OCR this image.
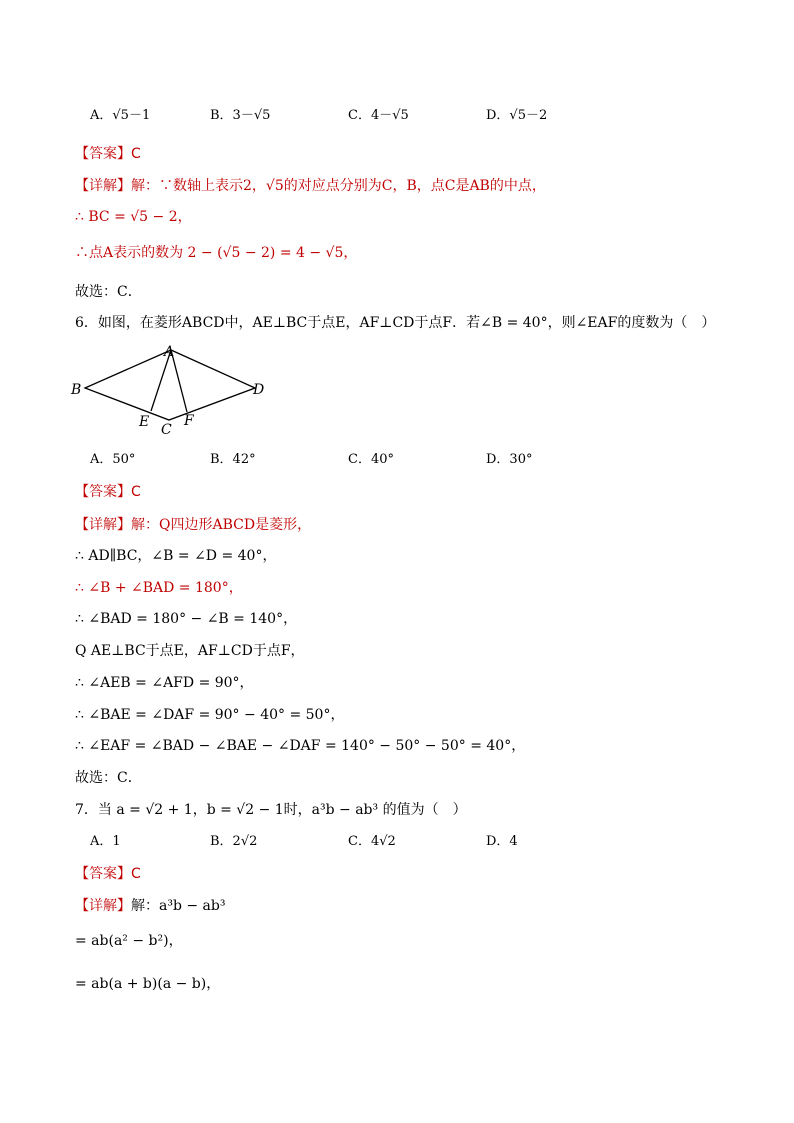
A．√5－1	B．3－√5	C．4－√5	D．√5－2
【答案】C
【详解】解：∵数轴上表示2，√5的对应点分别为C，B，点C是AB的中点，
∴ BC = √5 − 2，
∴点A表示的数为 2 − (√5 − 2) = 4 − √5，
故选：C．
6．如图，在菱形ABCD中，AE⊥BC于点E，AF⊥CD于点F．若∠B = 40°，则∠EAF的度数为（　）
A
B	D
E C
F
A．50°	B．42°	C．40°	D．30°
【答案】C
【详解】解：Q四边形ABCD是菱形，
∴ AD∥BC，∠B = ∠D = 40°，
∴ ∠B + ∠BAD = 180°，
∴ ∠BAD = 180° − ∠B = 140°，
Q AE⊥BC于点E，AF⊥CD于点F，
∴ ∠AEB = ∠AFD = 90°，
∴ ∠BAE = ∠DAF = 90° − 40° = 50°，
∴ ∠EAF = ∠BAD − ∠BAE − ∠DAF = 140° − 50° − 50° = 40°，
故选：C．
7．当 a = √2 + 1，b = √2 − 1时，a³b − ab³ 的值为（　）
A．1	B．2√2	C．4√2	D．4
【答案】C
【详解】解：a³b − ab³
= ab(a² − b²)，
= ab(a + b)(a − b)，
